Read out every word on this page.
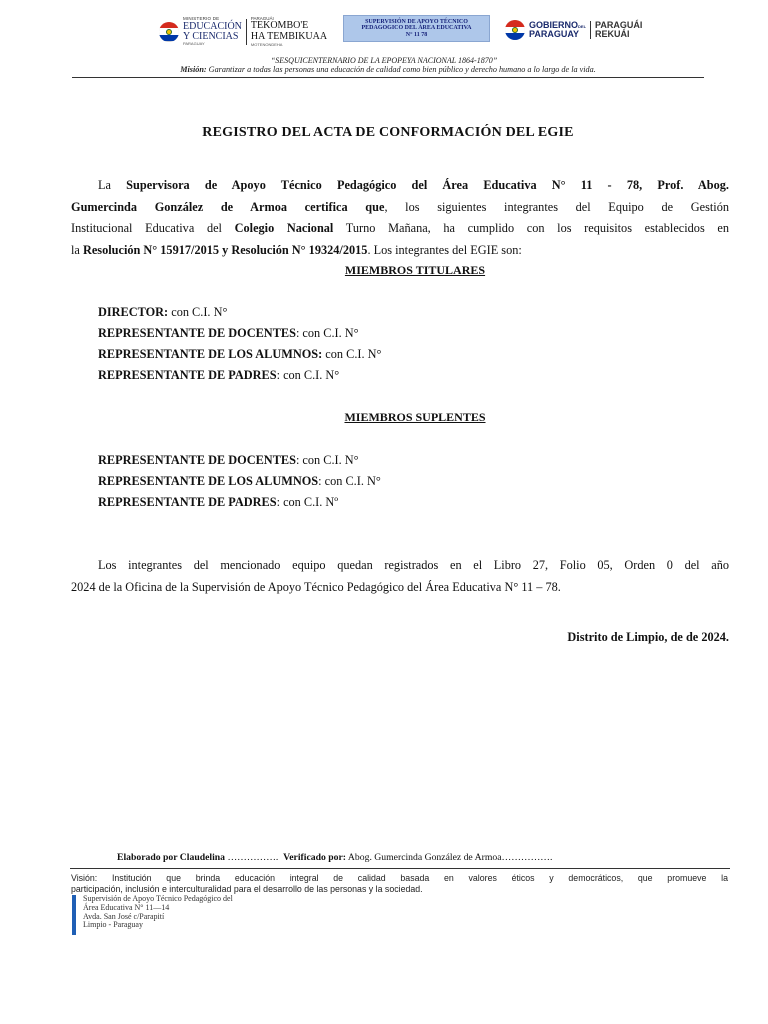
MINISTERIO DE
EDUCACIÓN
Y CIENCIAS
PARAGUAY
PARAGUÁI
TEKOMBO'E
HA TEMBIKUAA
MOTENONDEHA
SUPERVISIÓN DE APOYO TÉCNICO
PEDAGOGICO DEL ÁREA EDUCATIVA
N° 11 78
GOBIERNODEL
PARAGUAY
PARAGUÁI
REKUÁI
“SESQUICENTERNARIO DE LA EPOPEYA NACIONAL 1864-1870”
Misión: Garantizar a todas las personas una educación de calidad como bien público y derecho humano a lo largo de la vida.
REGISTRO DEL ACTA DE CONFORMACIÓN DEL EGIE
La Supervisora de Apoyo Técnico Pedagógico del Área Educativa N° 11 - 78, Prof. Abog.
Gumercinda González de Armoa certifica que, los siguientes integrantes del Equipo de Gestión
Institucional Educativa del Colegio Nacional Turno Mañana, ha cumplido con los requisitos establecidos en
la Resolución N° 15917/2015 y Resolución N° 19324/2015. Los integrantes del EGIE son:
MIEMBROS TITULARES
DIRECTOR: con C.I. N°
REPRESENTANTE DE DOCENTES: con C.I. N°
REPRESENTANTE DE LOS ALUMNOS: con C.I. N°
REPRESENTANTE DE PADRES: con C.I. N°
MIEMBROS SUPLENTES
REPRESENTANTE DE DOCENTES: con C.I. N°
REPRESENTANTE DE LOS ALUMNOS: con C.I. N°
REPRESENTANTE DE PADRES: con C.I. Nº
Los integrantes del mencionado equipo quedan registrados en el Libro 27, Folio 05, Orden 0 del año
2024 de la Oficina de la Supervisión de Apoyo Técnico Pedagógico del Área Educativa N° 11 – 78.
Distrito de Limpio, de de 2024.
Elaborado por Claudelina ……………. Verificado por: Abog. Gumercinda González de Armoa…………….
Visión: Institución que brinda educación integral de calidad basada en valores éticos y democráticos, que promueve la
participación, inclusión e interculturalidad para el desarrollo de las personas y la sociedad.
Supervisión de Apoyo Técnico Pedagógico del
Área Educativa N° 11—14
Avda. San José c/Parapití
Limpio - Paraguay
